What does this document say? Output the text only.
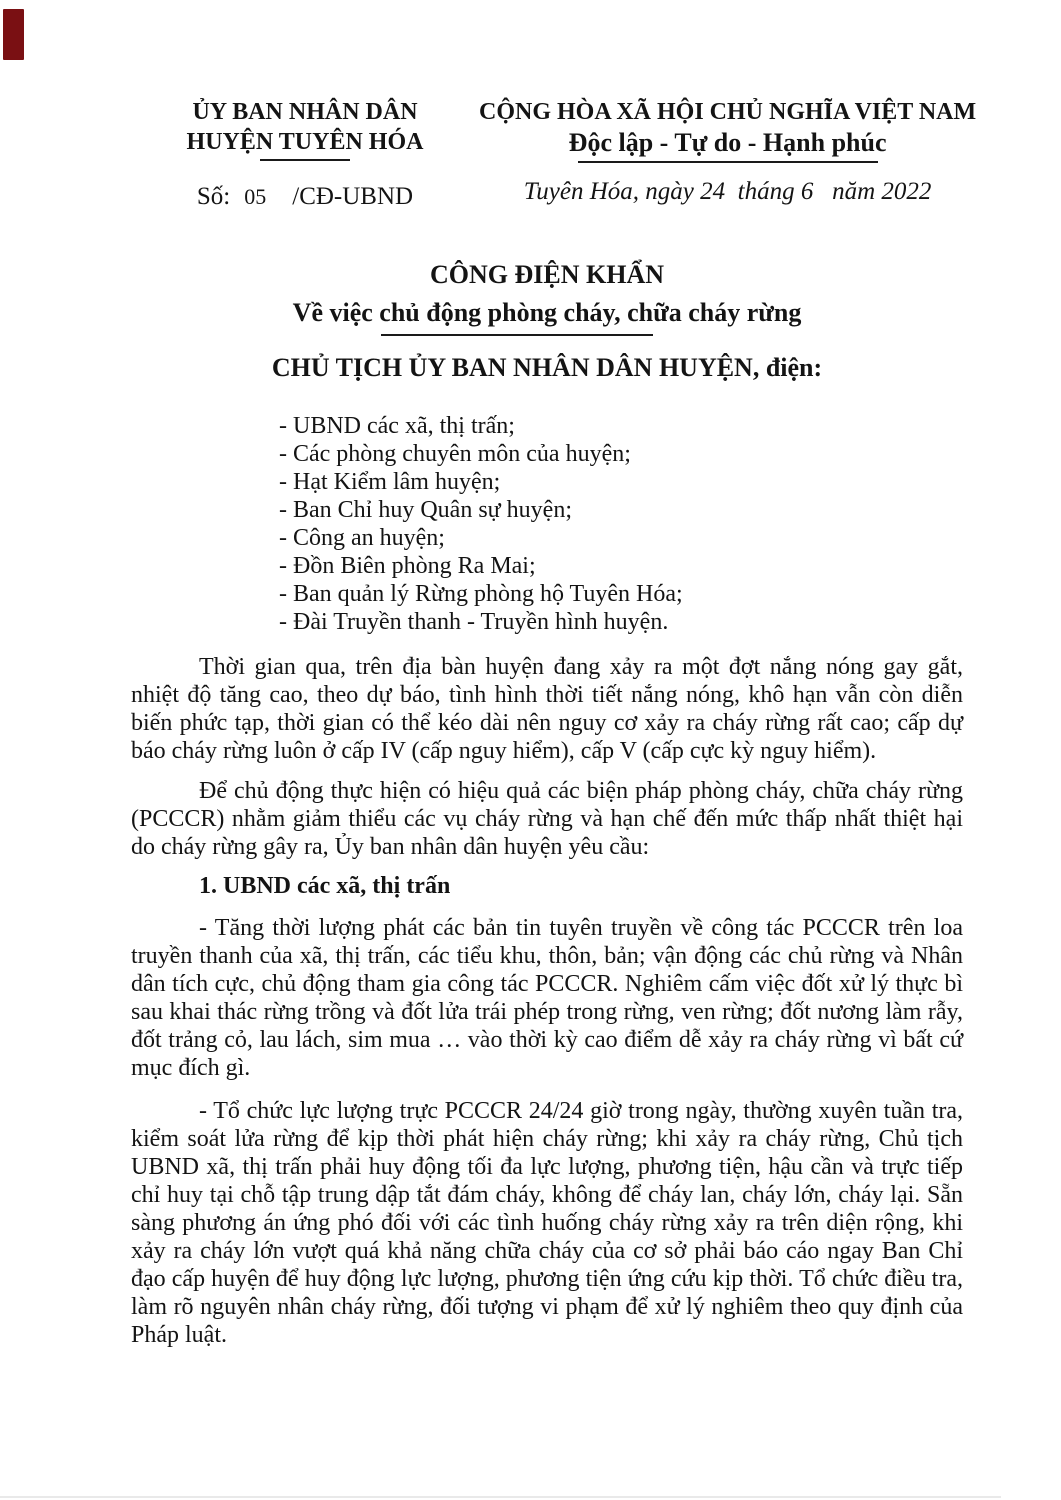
ỦY BAN NHÂN DÂN
HUYỆN TUYÊN HÓA
Số: 05 /CĐ-UBND
CỘNG HÒA XÃ HỘI CHỦ NGHĨA VIỆT NAM
Độc lập - Tự do - Hạnh phúc
Tuyên Hóa, ngày 24  tháng 6   năm 2022
CÔNG ĐIỆN KHẨN
Về việc chủ động phòng cháy, chữa cháy rừng
CHỦ TỊCH ỦY BAN NHÂN DÂN HUYỆN, điện:
- UBND các xã, thị trấn;
- Các phòng chuyên môn của huyện;
- Hạt Kiểm lâm huyện;
- Ban Chỉ huy Quân sự huyện;
- Công an huyện;
- Đồn Biên phòng Ra Mai;
- Ban quản lý Rừng phòng hộ Tuyên Hóa;
- Đài Truyền thanh - Truyền hình huyện.

Thời gian qua, trên địa bàn huyện đang xảy ra một đợt nắng nóng gay gắt, nhiệt độ tăng cao, theo dự báo, tình hình thời tiết nắng nóng, khô hạn vẫn còn diễn biến phức tạp, thời gian có thể kéo dài nên nguy cơ xảy ra cháy rừng rất cao; cấp dự báo cháy rừng luôn ở cấp IV (cấp nguy hiểm), cấp V (cấp cực kỳ nguy hiểm).

Để chủ động thực hiện có hiệu quả các biện pháp phòng cháy, chữa cháy rừng (PCCCR) nhằm giảm thiểu các vụ cháy rừng và hạn chế đến mức thấp nhất thiệt hại do cháy rừng gây ra, Ủy ban nhân dân huyện yêu cầu:

1. UBND các xã, thị trấn

- Tăng thời lượng phát các bản tin tuyên truyền về công tác PCCCR trên loa truyền thanh của xã, thị trấn, các tiểu khu, thôn, bản; vận động các chủ rừng và Nhân dân tích cực, chủ động tham gia công tác PCCCR. Nghiêm cấm việc đốt xử lý thực bì sau khai thác rừng trồng và đốt lửa trái phép trong rừng, ven rừng; đốt nương làm rẫy, đốt trảng cỏ, lau lách, sim mua … vào thời kỳ cao điểm dễ xảy ra cháy rừng vì bất cứ mục đích gì.

- Tổ chức lực lượng trực PCCCR 24/24 giờ trong ngày, thường xuyên tuần tra, kiểm soát lửa rừng để kịp thời phát hiện cháy rừng; khi xảy ra cháy rừng, Chủ tịch UBND xã, thị trấn phải huy động tối đa lực lượng, phương tiện, hậu cần và trực tiếp chỉ huy tại chỗ tập trung dập tắt đám cháy, không để cháy lan, cháy lớn, cháy lại. Sẵn sàng phương án ứng phó đối với các tình huống cháy rừng xảy ra trên diện rộng, khi xảy ra cháy lớn vượt quá khả năng chữa cháy của cơ sở phải báo cáo ngay Ban Chỉ đạo cấp huyện để huy động lực lượng, phương tiện ứng cứu kịp thời. Tổ chức điều tra, làm rõ nguyên nhân cháy rừng, đối tượng vi phạm để xử lý nghiêm theo quy định của Pháp luật.
